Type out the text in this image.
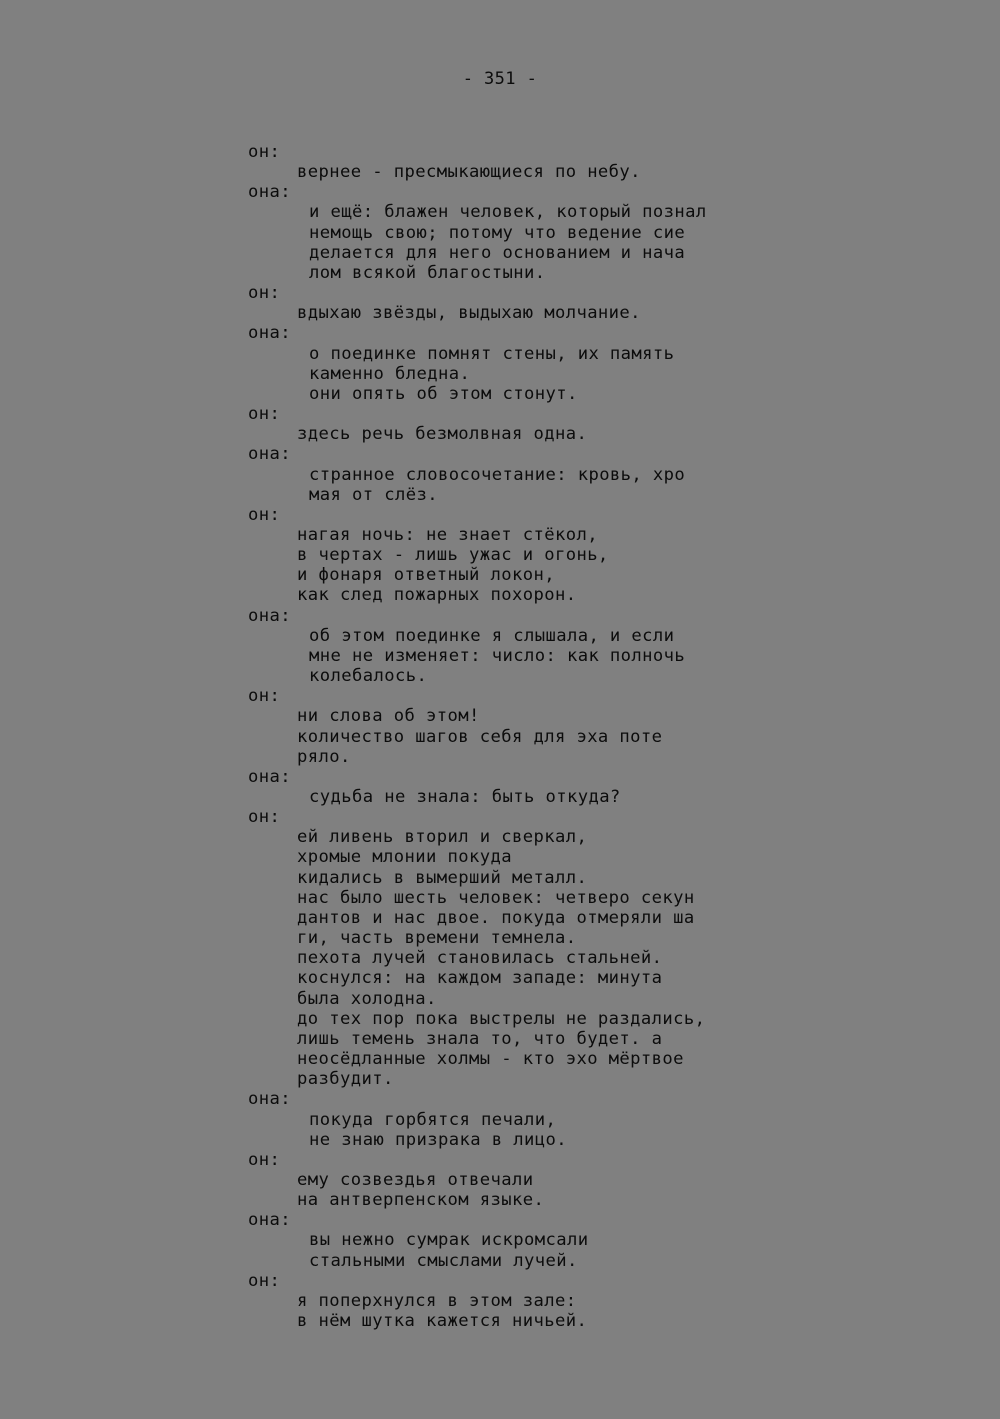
- 351 -
он:
вернее - пресмыкающиеся по небу.
она:
и ещё: блажен человек, который познал
немощь свою; потому что ведение сие
делается для него основанием и нача
лом всякой благостыни.
он:
вдыхаю звёзды, выдыхаю молчание.
она:
о поединке помнят стены, их память
каменно бледна.
они опять об этом стонут.
он:
здесь речь безмолвная одна.
она:
странное словосочетание: кровь, хро
мая от слёз.
он:
нагая ночь: не знает стёкол,
в чертах - лишь ужас и огонь,
и фонаря ответный локон,
как след пожарных похорон.
она:
об этом поединке я слышала, и если
мне не изменяет: число: как полночь
колебалось.
он:
ни слова об этом!
количество шагов себя для эха поте
ряло.
она:
судьба не знала: быть откуда?
он:
ей ливень вторил и сверкал,
хромые млонии покуда
кидались в вымерший металл.
нас было шесть человек: четверо секун
дантов и нас двое. покуда отмеряли ша
ги, часть времени темнела.
пехота лучей становилась стальней.
коснулся: на каждом западе: минута
была холодна.
до тех пор пока выстрелы не раздались,
лишь темень знала то, что будет. а
неосёдланные холмы - кто эхо мёртвое
разбудит.
она:
покуда горбятся печали,
не знаю призрака в лицо.
он:
ему созвездья отвечали
на антверпенском языке.
она:
вы нежно сумрак искромсали
стальными смыслами лучей.
он:
я поперхнулся в этом зале:
в нём шутка кажется ничьей.
